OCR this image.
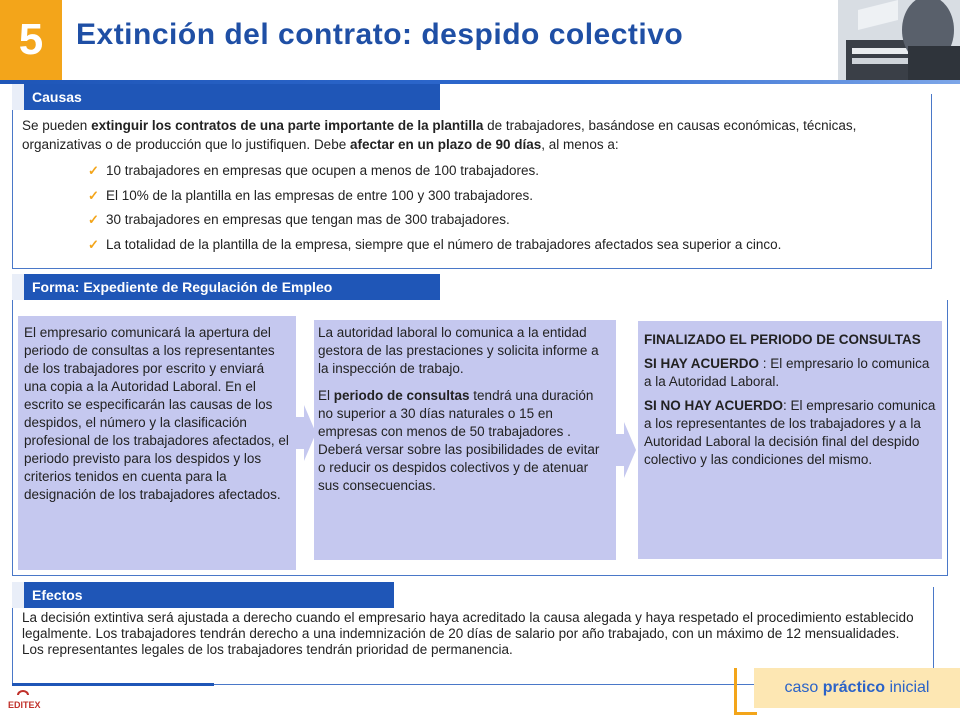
5	Extinción del contrato: despido colectivo
Causas
Se pueden extinguir los contratos de una parte importante de la plantilla de trabajadores, basándose en causas económicas, técnicas, organizativas o de producción que lo justifiquen. Debe afectar en un plazo de 90 días, al menos a:
✓ 10 trabajadores en empresas que ocupen a menos de 100 trabajadores.
✓ El 10% de la plantilla en las empresas de entre 100 y 300 trabajadores.
✓ 30 trabajadores en empresas que tengan mas de 300 trabajadores.
✓ La totalidad de la plantilla de la empresa, siempre que el número de trabajadores afectados sea superior a cinco.
Forma: Expediente de Regulación de Empleo

El empresario comunicará la apertura del periodo de consultas a los representantes de los trabajadores por escrito y enviará una copia a la Autoridad Laboral. En el escrito se especificarán las causas de los despidos, el número y la clasificación profesional de los trabajadores afectados, el periodo previsto para los despidos y los criterios tenidos en cuenta para la designación de los trabajadores afectados.

La autoridad laboral lo comunica a la entidad gestora de las prestaciones y solicita informe a la inspección de trabajo.

El periodo de consultas tendrá una duración no superior a 30 días naturales o 15 en empresas con menos de 50 trabajadores . Deberá versar sobre las posibilidades de evitar o reducir os despidos colectivos y de atenuar sus consecuencias.

FINALIZADO EL PERIODO DE CONSULTAS

SI HAY ACUERDO : El empresario lo comunica a la Autoridad Laboral.

SI NO HAY ACUERDO: El empresario comunica a los representantes de los trabajadores y a la Autoridad Laboral la decisión final del despido colectivo y las condiciones del mismo.

Efectos
La decisión extintiva será ajustada a derecho cuando el empresario haya acreditado la causa alegada y haya respetado el procedimiento establecido legalmente. Los trabajadores tendrán derecho a una indemnización de 20 días de salario por año trabajado, con un máximo de 12 mensualidades. Los representantes legales de los trabajadores tendrán prioridad de permanencia.
EDITEX
caso
práctico
inicial
